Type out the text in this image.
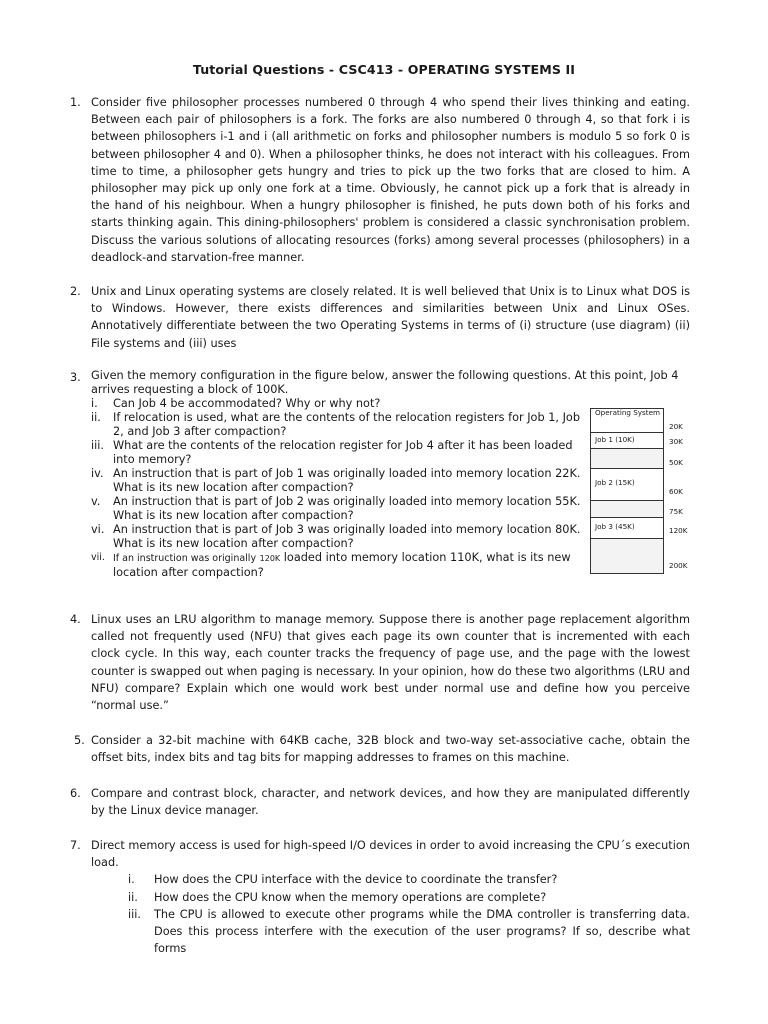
Tutorial Questions - CSC413 - OPERATING SYSTEMS II
1. Consider five philosopher processes numbered 0 through 4 who spend their lives thinking and eating. Between each pair of philosophers is a fork. The forks are also numbered 0 through 4, so that fork i is between philosophers i-1 and i (all arithmetic on forks and philosopher numbers is modulo 5 so fork 0 is between philosopher 4 and 0). When a philosopher thinks, he does not interact with his colleagues. From time to time, a philosopher gets hungry and tries to pick up the two forks that are closed to him. A philosopher may pick up only one fork at a time. Obviously, he cannot pick up a fork that is already in the hand of his neighbour. When a hungry philosopher is finished, he puts down both of his forks and starts thinking again. This dining-philosophers' problem is considered a classic synchronisation problem. Discuss the various solutions of allocating resources (forks) among several processes (philosophers) in a deadlock-and starvation-free manner.
2. Unix and Linux operating systems are closely related. It is well believed that Unix is to Linux what DOS is to Windows. However, there exists differences and similarities between Unix and Linux OSes. Annotatively differentiate between the two Operating Systems in terms of (i) structure (use diagram) (ii) File systems and (iii) uses
3. Given the memory configuration in the figure below, answer the following questions. At this point, Job 4 arrives requesting a block of 100K.
i.	Can Job 4 be accommodated? Why or why not?
ii.	If relocation is used, what are the contents of the relocation registers for Job 1, Job 2, and Job 3 after compaction?
iii. What are the contents of the relocation register for Job 4 after it has been loaded into memory?
iv. An instruction that is part of Job 1 was originally loaded into memory location 22K. What is its new location after compaction?
v.	An instruction that is part of Job 2 was originally loaded into memory location 55K. What is its new location after compaction?
vi. An instruction that is part of Job 3 was originally loaded into memory location 80K. What is its new location after compaction?
vii. If an instruction was originally 120K loaded into memory location 110K, what is its new location after compaction?
Operating System
Job 1 (10K)
Job 2 (15K)
Job 3 (45K)
20K
30K
50K
60K
75K
120K
200K
4. Linux uses an LRU algorithm to manage memory. Suppose there is another page replacement algorithm called not frequently used (NFU) that gives each page its own counter that is incremented with each clock cycle. In this way, each counter tracks the frequency of page use, and the page with the lowest counter is swapped out when paging is necessary. In your opinion, how do these two algorithms (LRU and NFU) compare? Explain which one would work best under normal use and define how you perceive “normal use.”
5. Consider a 32-bit machine with 64KB cache, 32B block and two-way set-associative cache, obtain the offset bits, index bits and tag bits for mapping addresses to frames on this machine.
6. Compare and contrast block, character, and network devices, and how they are manipulated differently by the Linux device manager.
7. Direct memory access is used for high-speed I/O devices in order to avoid increasing the CPU´s execution load.
i.	How does the CPU interface with the device to coordinate the transfer?
ii.	How does the CPU know when the memory operations are complete?
iii.	The CPU is allowed to execute other programs while the DMA controller is transferring data. Does this process interfere with the execution of the user programs? If so, describe what forms
